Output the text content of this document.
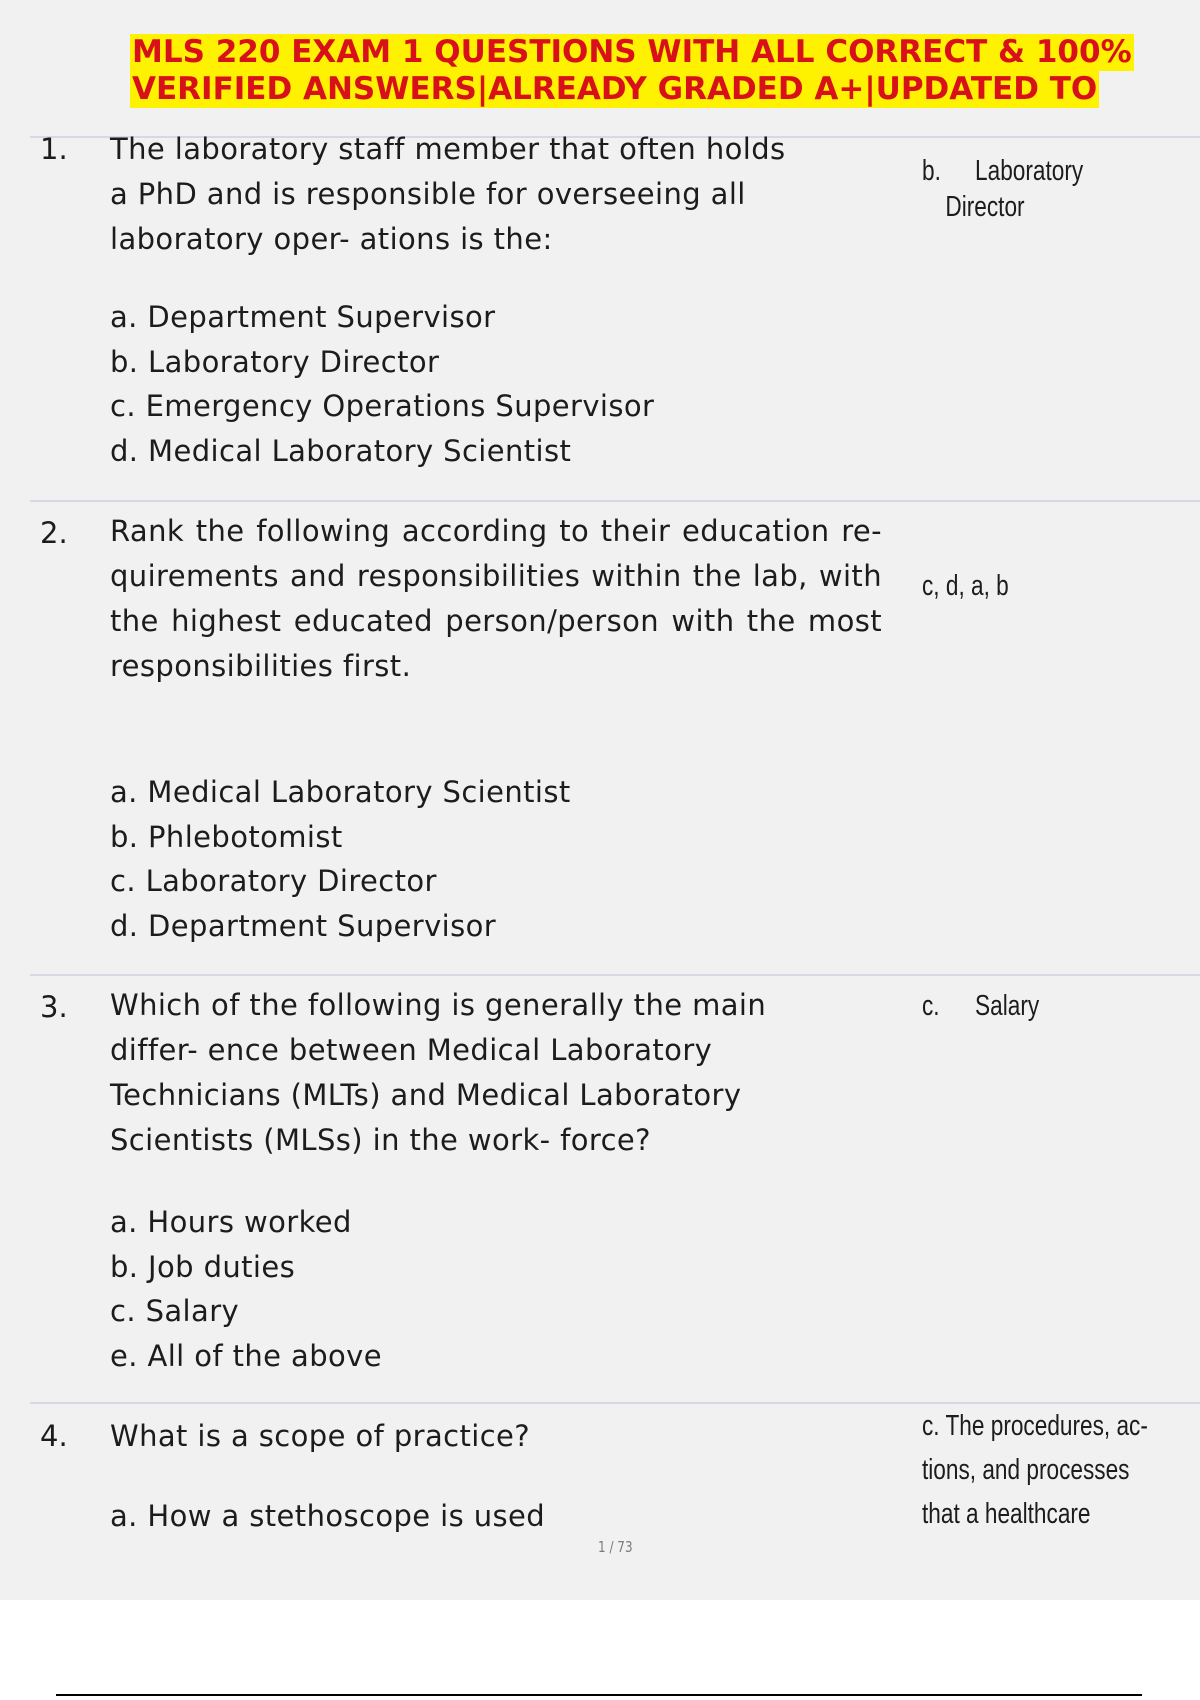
MLS 220 EXAM 1 QUESTIONS WITH ALL CORRECT & 100%
VERIFIED ANSWERS|ALREADY GRADED A+|UPDATED TO
1. The laboratory staff member that often holds
a PhD and is responsible for overseeing all
laboratory oper- ations is the:
a. Department Supervisor
b. Laboratory Director
c. Emergency Operations Supervisor
d. Medical Laboratory Scientist
b. Laboratory
Director
2. Rank the following according to their education re- quirements and responsibilities within the lab, with the highest educated person/person with the most responsibilities first.
a. Medical Laboratory Scientist
b. Phlebotomist
c. Laboratory Director
d. Department Supervisor
c, d, a, b
3. Which of the following is generally the main
differ- ence between Medical Laboratory
Technicians (MLTs) and Medical Laboratory
Scientists (MLSs) in the work- force?
a. Hours worked
b. Job duties
c. Salary
e. All of the above
c. Salary
4. What is a scope of practice?
a. How a stethoscope is used
c. The procedures, ac-
tions, and processes
that a healthcare
1 / 73
